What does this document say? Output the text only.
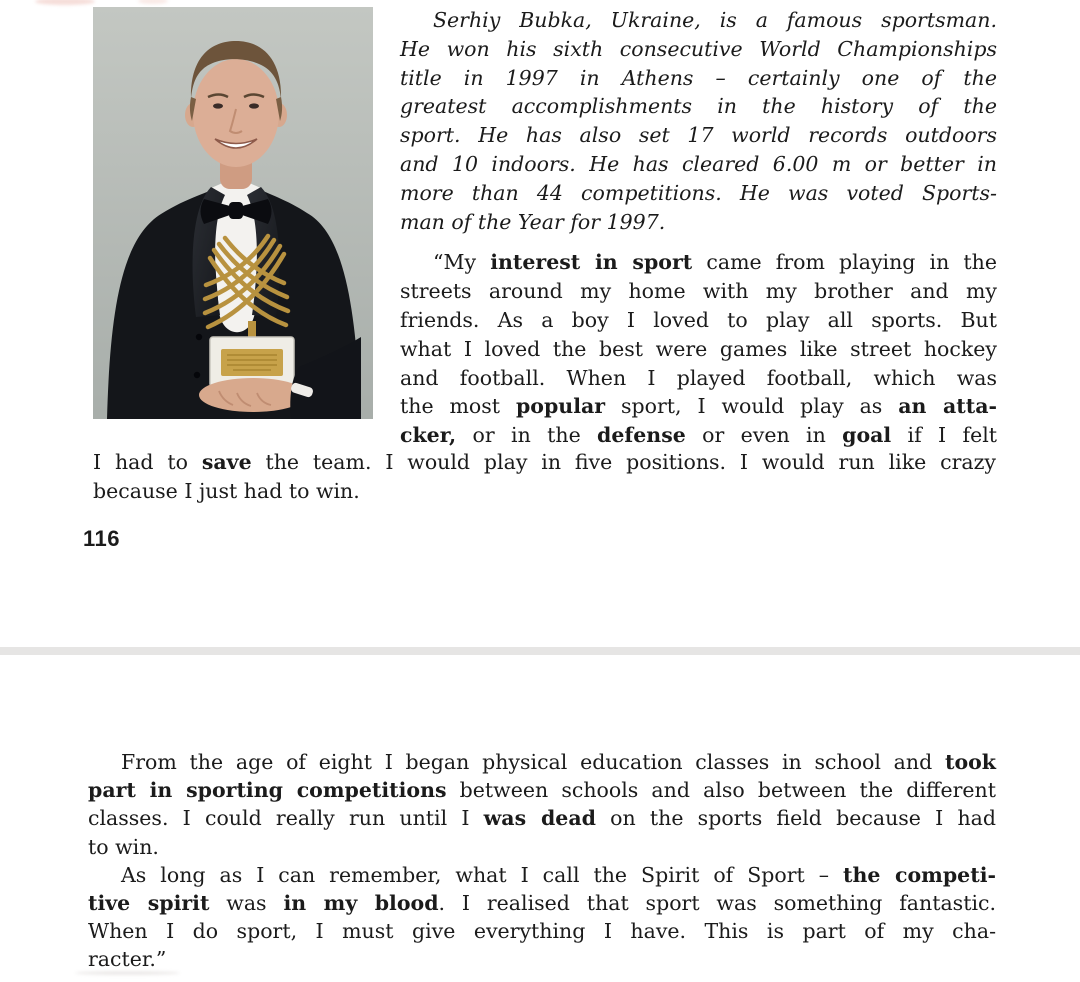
Serhiy Bubka, Ukraine, is a famous sportsman.
He won his sixth consecutive World Championships
title in 1997 in Athens – certainly one of the
greatest accomplishments in the history of the
sport. He has also set 17 world records outdoors
and 10 indoors. He has cleared 6.00 m or better in
more than 44 competitions. He was voted Sports-
man of the Year for 1997.
“My interest in sport came from playing in the
streets around my home with my brother and my
friends. As a boy I loved to play all sports. But
what I loved the best were games like street hockey
and football. When I played football, which was
the most popular sport, I would play as an atta-
cker, or in the defense or even in goal if I felt
I had to save the team. I would play in five positions. I would run like crazy
because I just had to win.
116
From the age of eight I began physical education classes in school and took
part in sporting competitions between schools and also between the different
classes. I could really run until I was dead on the sports field because I had
to win.
As long as I can remember, what I call the Spirit of Sport – the competi-
tive spirit was in my blood. I realised that sport was something fantastic.
When I do sport, I must give everything I have. This is part of my cha-
racter.”
